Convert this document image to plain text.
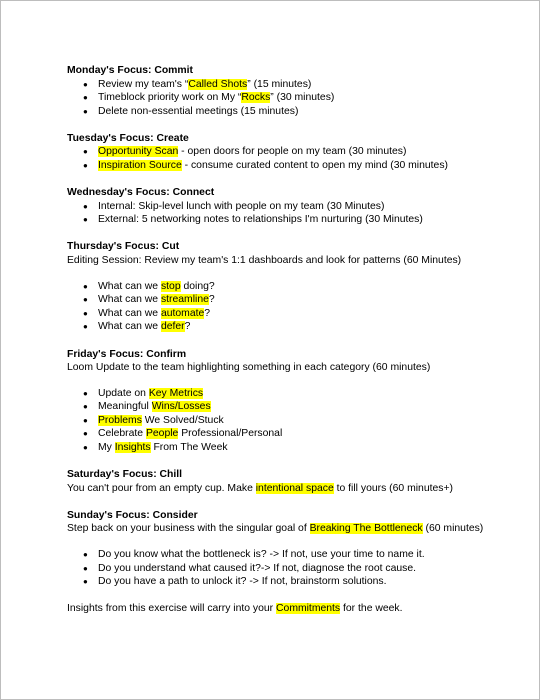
Monday's Focus: Commit

● Review my team's “Called Shots” (15 minutes)
● Timeblock priority work on My “Rocks” (30 minutes)
● Delete non-essential meetings (15 minutes)

Tuesday's Focus: Create

● Opportunity Scan - open doors for people on my team (30 minutes)
● Inspiration Source - consume curated content to open my mind (30 minutes)

Wednesday's Focus: Connect

● Internal: Skip-level lunch with people on my team (30 Minutes)
● External: 5 networking notes to relationships I'm nurturing (30 Minutes)

Thursday's Focus: Cut

Editing Session: Review my team's 1:1 dashboards and look for patterns (60 Minutes)

● What can we stop doing?
● What can we streamline?
● What can we automate?
● What can we defer?

Friday's Focus: Confirm

Loom Update to the team highlighting something in each category (60 minutes)

● Update on Key Metrics
● Meaningful Wins/Losses
● Problems We Solved/Stuck
● Celebrate People Professional/Personal
● My Insights From The Week

Saturday's Focus: Chill

You can't pour from an empty cup. Make intentional space to fill yours (60 minutes+)

Sunday's Focus: Consider

Step back on your business with the singular goal of Breaking The Bottleneck (60 minutes)

● Do you know what the bottleneck is? -> If not, use your time to name it.
● Do you understand what caused it?-> If not, diagnose the root cause.
● Do you have a path to unlock it? -> If not, brainstorm solutions.

Insights from this exercise will carry into your Commitments for the week.
